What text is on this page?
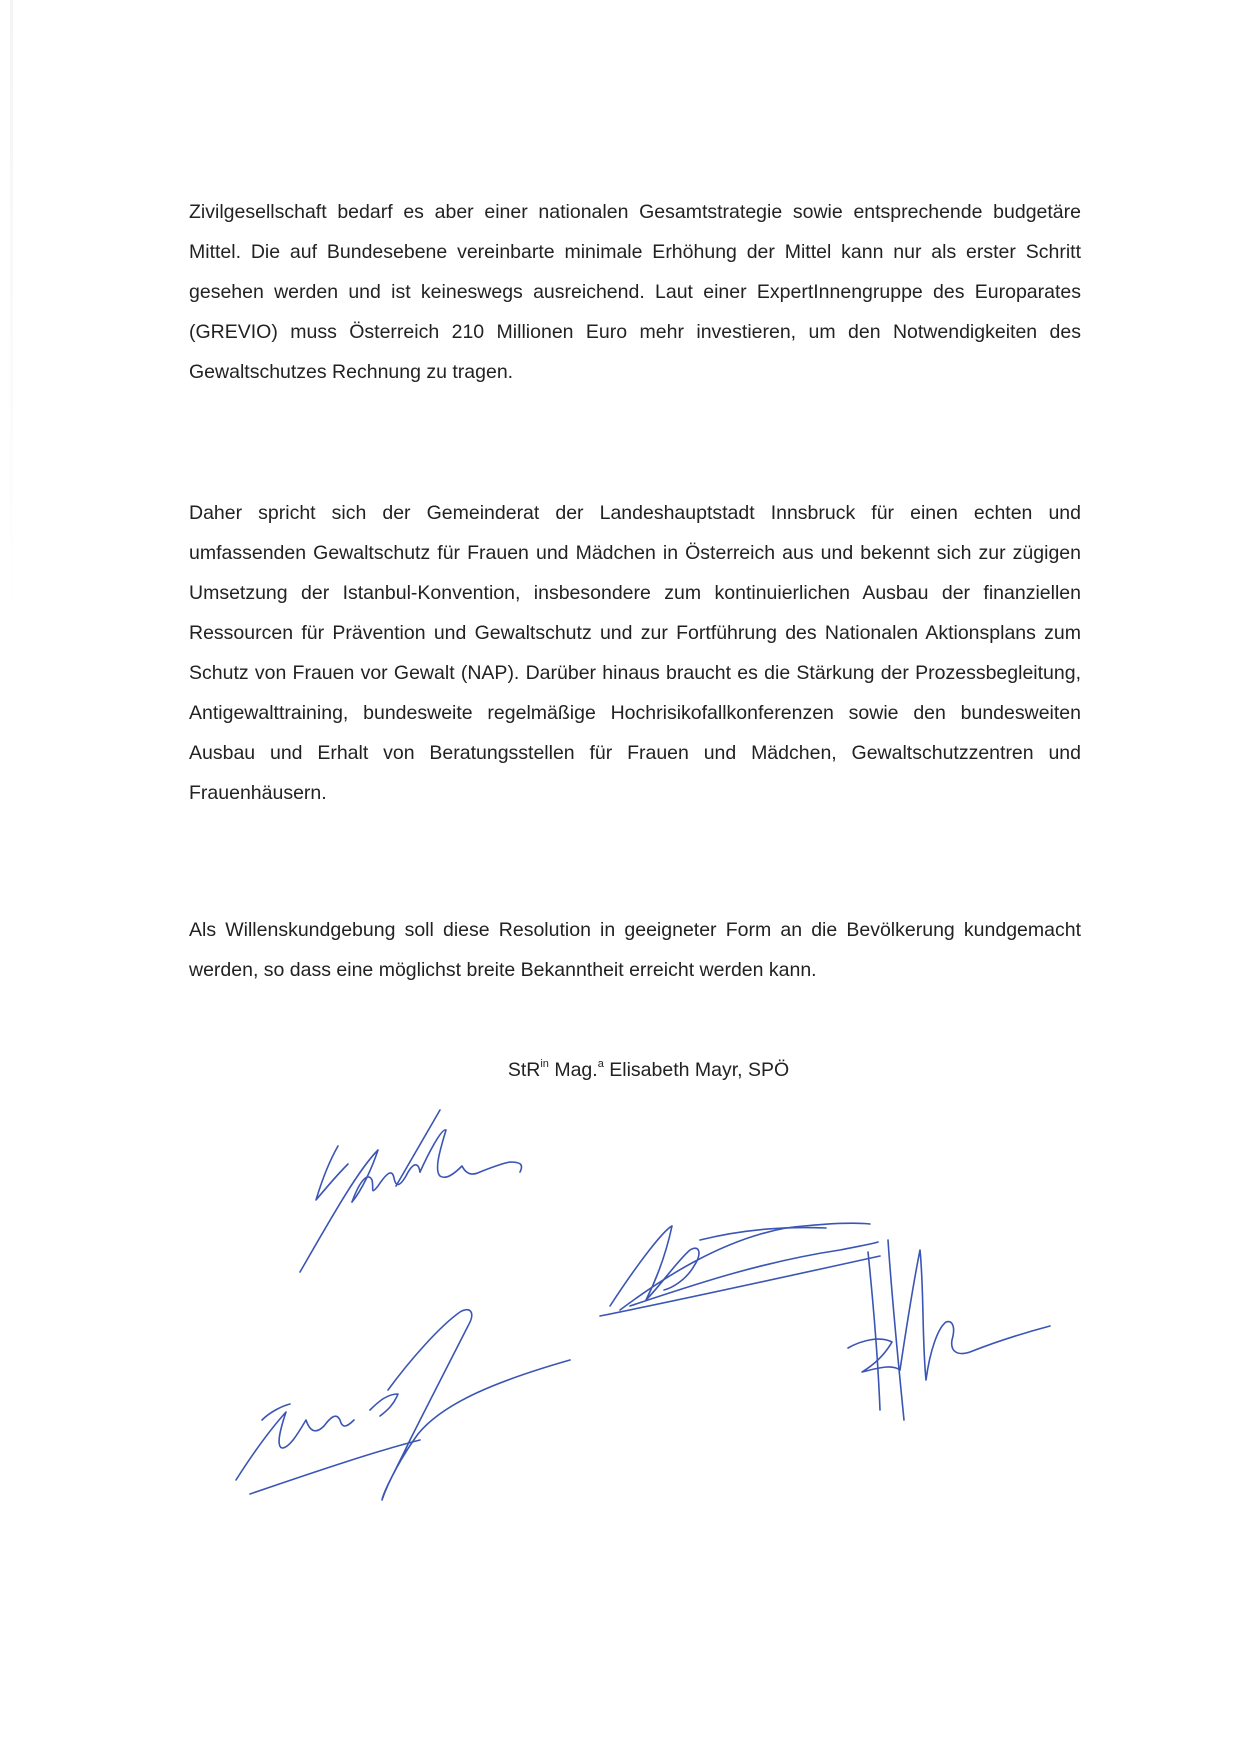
Zivilgesellschaft bedarf es aber einer nationalen Gesamtstrategie sowie entsprechende budgetäre Mittel. Die auf Bundesebene vereinbarte minimale Erhöhung der Mittel kann nur als erster Schritt gesehen werden und ist keineswegs ausreichend. Laut einer ExpertInnengruppe des Europarates (GREVIO) muss Österreich 210 Millionen Euro mehr investieren, um den Notwendigkeiten des Gewaltschutzes Rechnung zu tragen.

Daher spricht sich der Gemeinderat der Landeshauptstadt Innsbruck für einen echten und umfassenden Gewaltschutz für Frauen und Mädchen in Österreich aus und bekennt sich zur zügigen Umsetzung der Istanbul-Konvention, insbesondere zum kontinuierlichen Ausbau der finanziellen Ressourcen für Prävention und Gewaltschutz und zur Fortführung des Nationalen Aktionsplans zum Schutz von Frauen vor Gewalt (NAP). Darüber hinaus braucht es die Stärkung der Prozessbegleitung, Antigewalttraining, bundesweite regelmäßige Hochrisikofallkonferenzen sowie den bundesweiten Ausbau und Erhalt von Beratungsstellen für Frauen und Mädchen, Gewaltschutzzentren und Frauenhäusern.

Als Willenskundgebung soll diese Resolution in geeigneter Form an die Bevölkerung kundgemacht werden, so dass eine möglichst breite Bekanntheit erreicht werden kann.

StR$^{in}$ Mag.$^a$ Elisabeth Mayr, SPÖ
